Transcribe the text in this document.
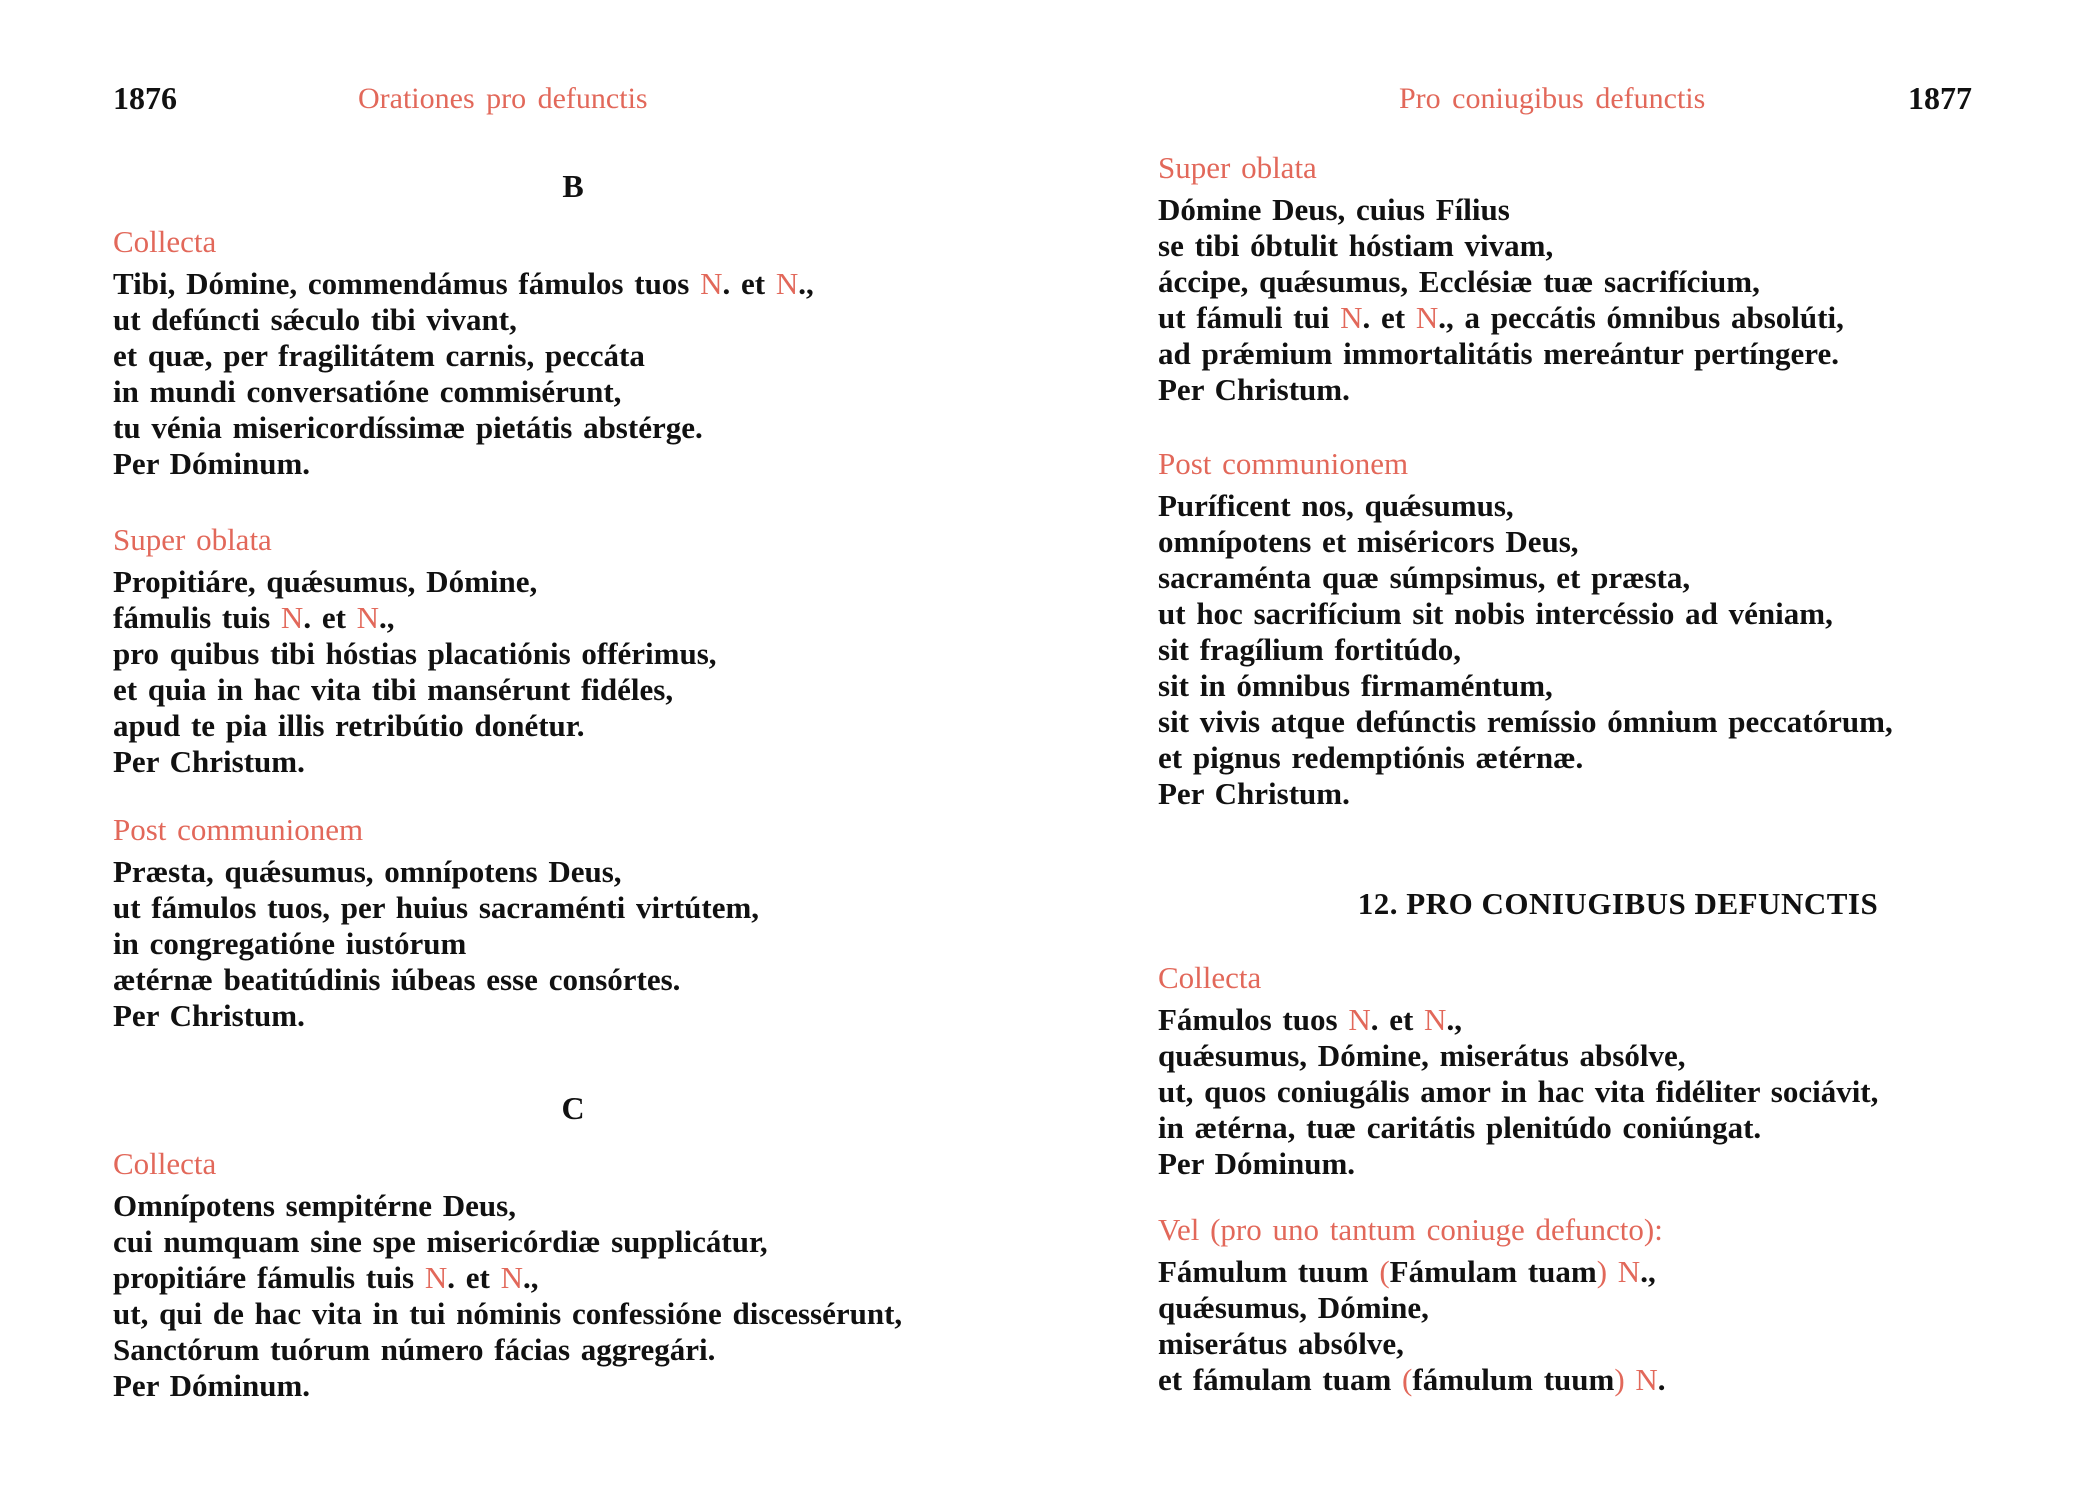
1876	Orationes pro defunctis
B
Collecta
Tibi, Dómine, commendámus fámulos tuos N. et N.,
ut defúncti sǽculo tibi vivant,
et quæ, per fragilitátem carnis, peccáta
in mundi conversatióne commisérunt,
tu vénia misericordíssimæ pietátis abstérge.
Per Dóminum.
Super oblata
Propitiáre, quǽsumus, Dómine,
fámulis tuis N. et N.,
pro quibus tibi hóstias placatiónis offérimus,
et quia in hac vita tibi mansérunt fidéles,
apud te pia illis retribútio donétur.
Per Christum.
Post communionem
Præsta, quǽsumus, omnípotens Deus,
ut fámulos tuos, per huius sacraménti virtútem,
in congregatióne iustórum
ætérnæ beatitúdinis iúbeas esse consórtes.
Per Christum.
C
Collecta
Omnípotens sempitérne Deus,
cui numquam sine spe misericórdiæ supplicátur,
propitiáre fámulis tuis N. et N.,
ut, qui de hac vita in tui nóminis confessióne discessérunt,
Sanctórum tuórum número fácias aggregári.
Per Dóminum.
Pro coniugibus defunctis	1877
Super oblata
Dómine Deus, cuius Fílius
se tibi óbtulit hóstiam vivam,
áccipe, quǽsumus, Ecclésiæ tuæ sacrifícium,
ut fámuli tui N. et N., a peccátis ómnibus absolúti,
ad prǽmium immortalitátis mereántur pertíngere.
Per Christum.
Post communionem
Puríficent nos, quǽsumus,
omnípotens et miséricors Deus,
sacraménta quæ súmpsimus, et præsta,
ut hoc sacrifícium sit nobis intercéssio ad véniam,
sit fragílium fortitúdo,
sit in ómnibus firmaméntum,
sit vivis atque defúnctis remíssio ómnium peccatórum,
et pignus redemptiónis ætérnæ.
Per Christum.
12. PRO CONIUGIBUS DEFUNCTIS
Collecta
Fámulos tuos N. et N.,
quǽsumus, Dómine, miserátus absólve,
ut, quos coniugális amor in hac vita fidéliter sociávit,
in ætérna, tuæ caritátis plenitúdo coniúngat.
Per Dóminum.
Vel (pro uno tantum coniuge defuncto):
Fámulum tuum (Fámulam tuam) N.,
quǽsumus, Dómine,
miserátus absólve,
et fámulam tuam (fámulum tuum) N.
